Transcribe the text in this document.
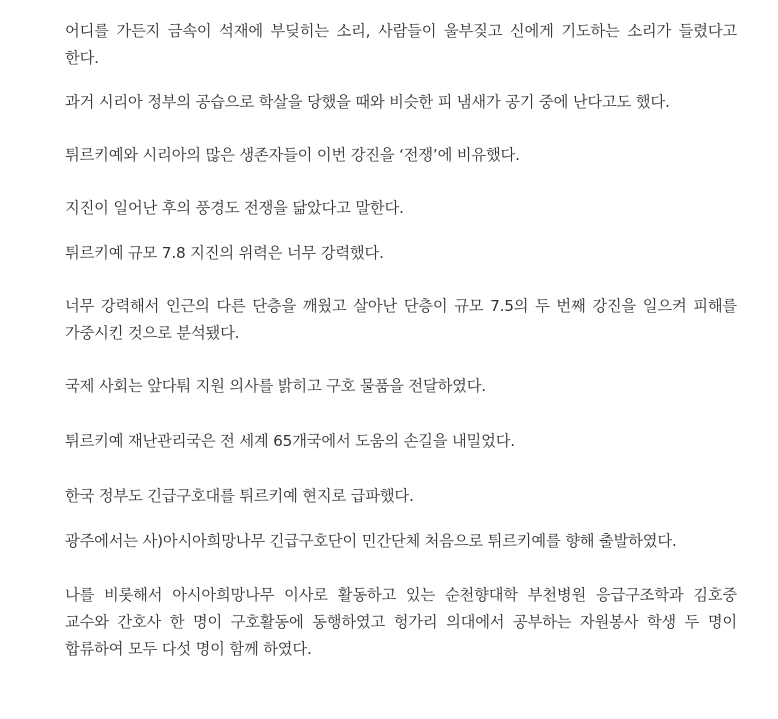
어디를 가든지 금속이 석재에 부딪히는 소리, 사람들이 울부짖고 신에게 기도하는 소리가 들렸다고 한다.

과거 시리아 정부의 공습으로 학살을 당했을 때와 비슷한 피 냄새가 공기 중에 난다고도 했다.

튀르키예와 시리아의 많은 생존자들이 이번 강진을 ‘전쟁’에 비유했다.

지진이 일어난 후의 풍경도 전쟁을 닮았다고 말한다.

튀르키예 규모 7.8 지진의 위력은 너무 강력했다.

너무 강력해서 인근의 다른 단층을 깨웠고 살아난 단층이 규모 7.5의 두 번째 강진을 일으켜 피해를 가중시킨 것으로 분석됐다.

국제 사회는 앞다퉈 지원 의사를 밝히고 구호 물품을 전달하였다.

튀르키예 재난관리국은 전 세계 65개국에서 도움의 손길을 내밀었다.

한국 정부도 긴급구호대를 튀르키예 현지로 급파했다.

광주에서는 사)아시아희망나무 긴급구호단이 민간단체 처음으로 튀르키예를 향해 출발하였다.

나를 비롯해서 아시아희망나무 이사로 활동하고 있는 순천향대학 부천병원 응급구조학과 김호중 교수와 간호사 한 명이 구호활동에 동행하였고 헝가리 의대에서 공부하는 자원봉사 학생 두 명이 합류하여 모두 다섯 명이 함께 하였다.
